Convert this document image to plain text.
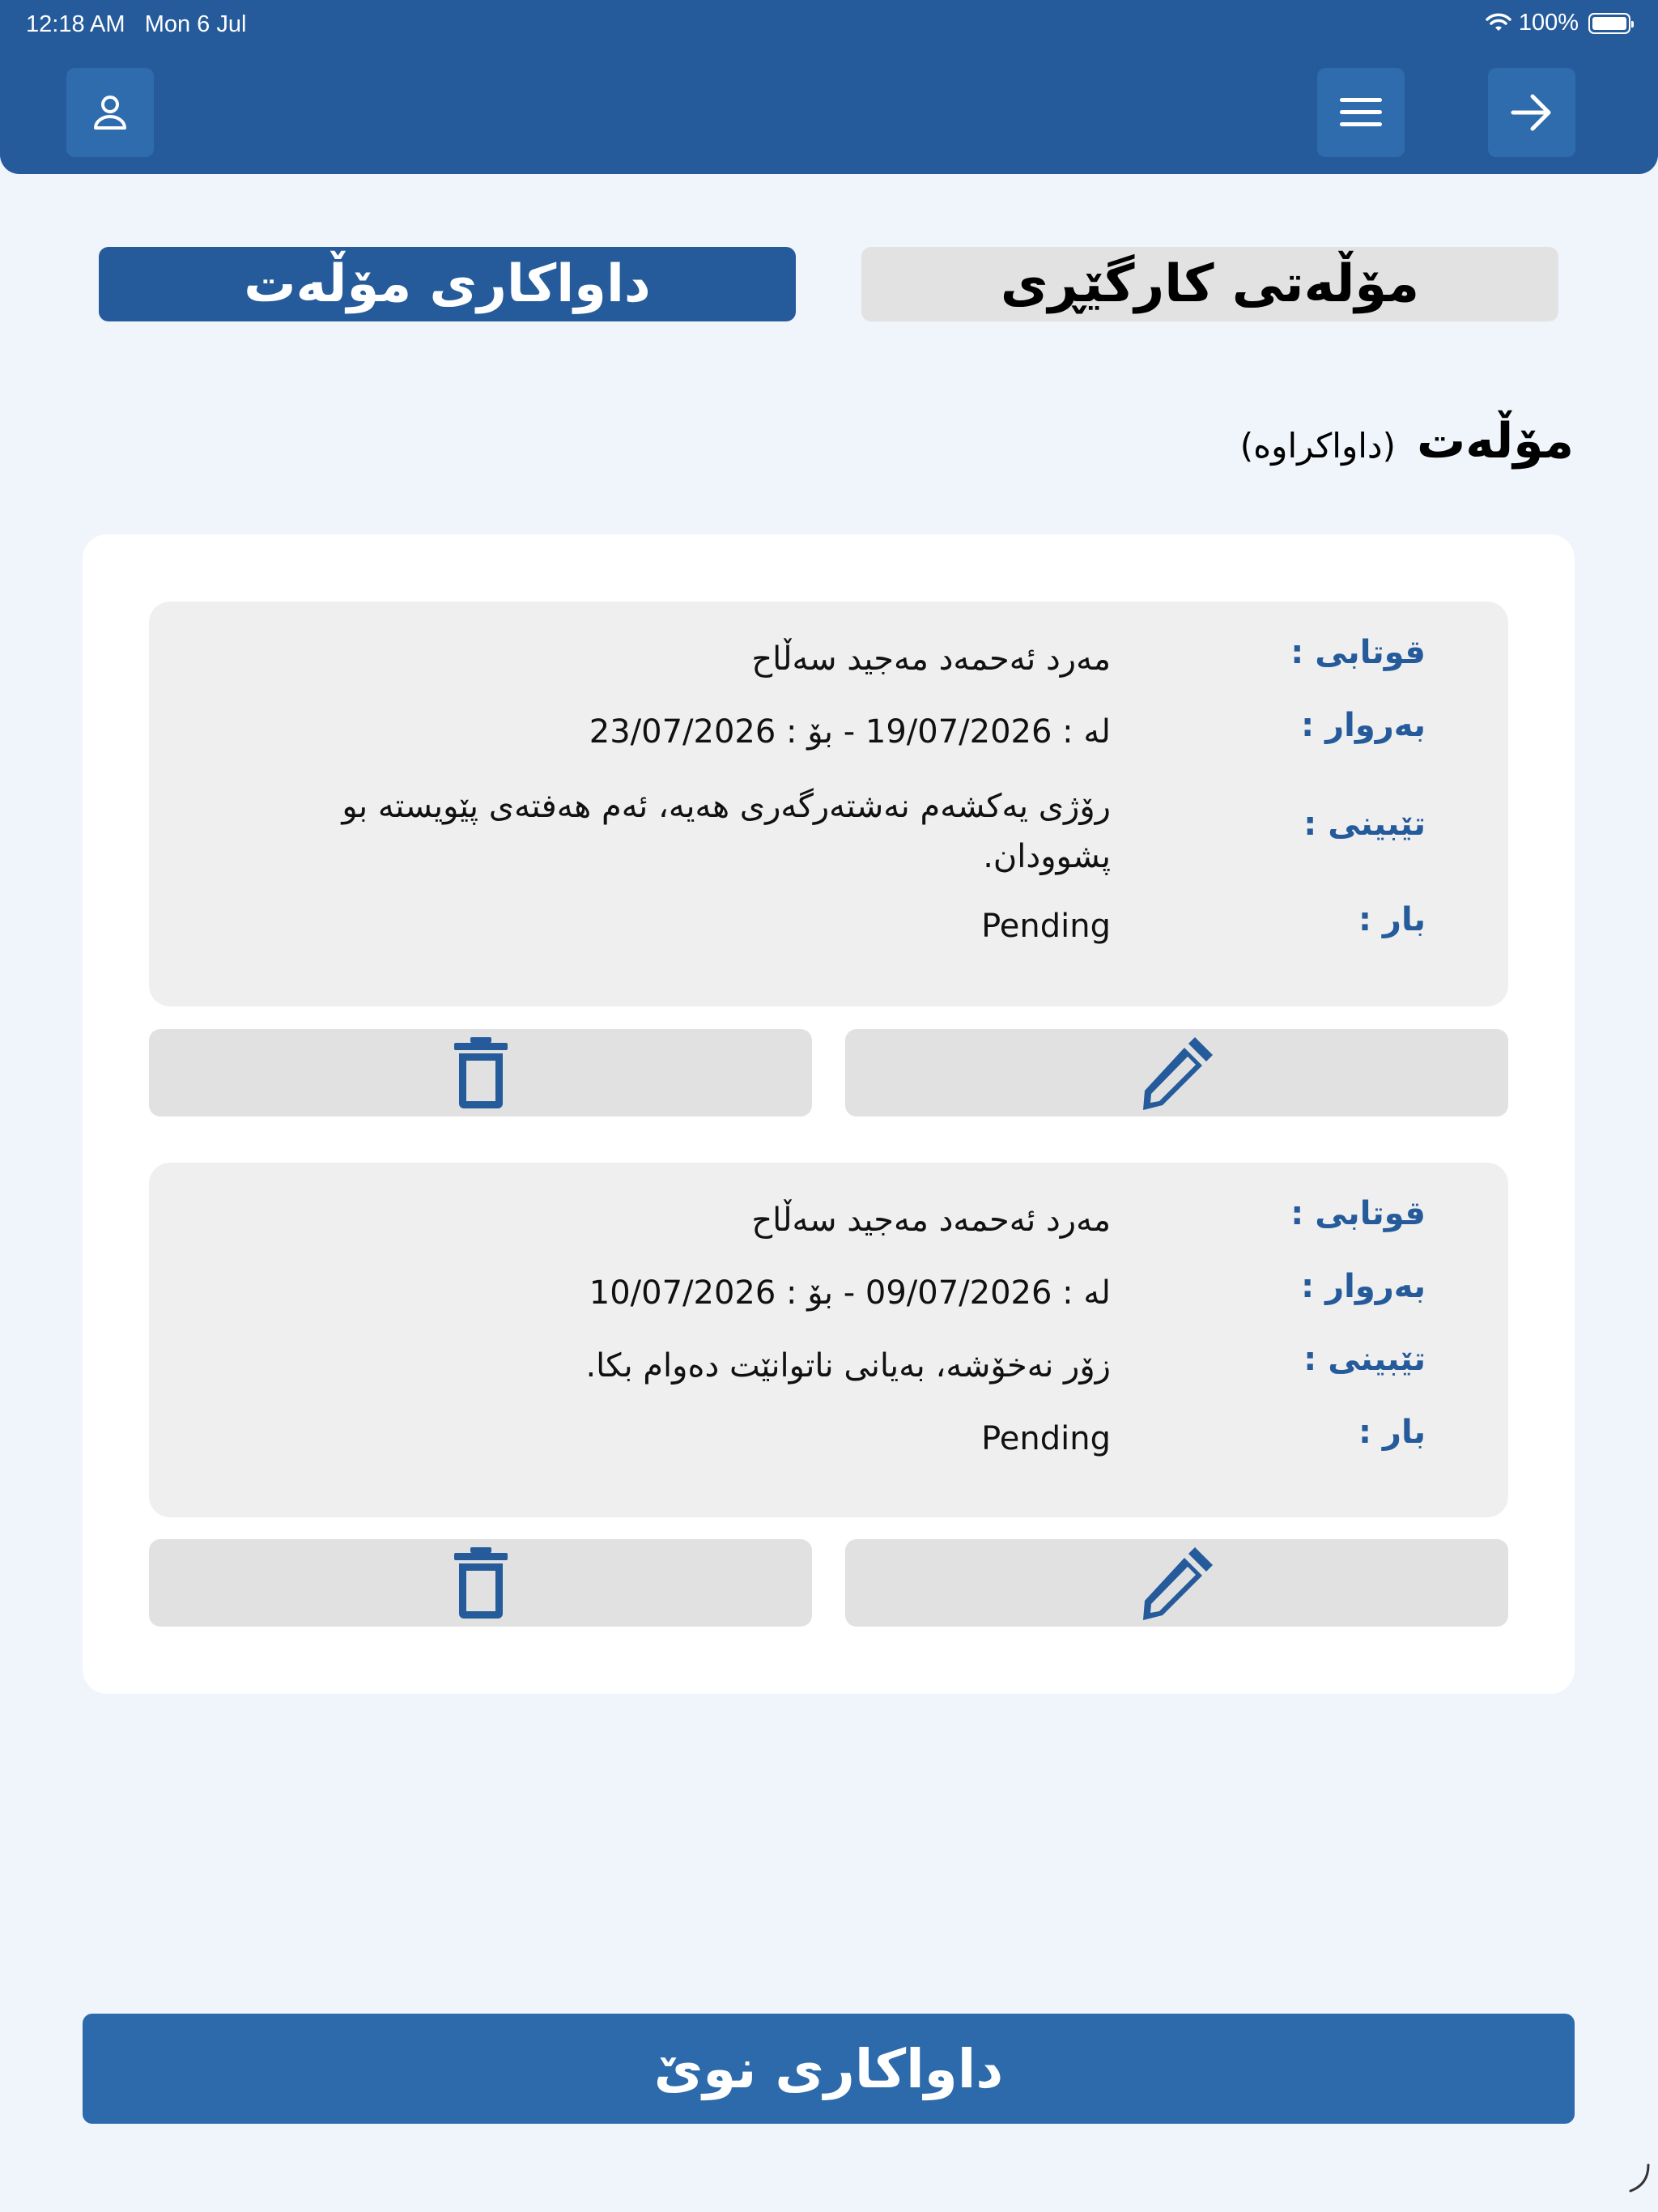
12:18 AM Mon 6 Jul	100%
داواکاری مۆڵەت	مۆڵەتی کارگێڕی
مۆڵەت
(داواکراوە)
قوتابی :
مەرد ئەحمەد مەجید سەڵاح
بەروار :
لە : 19/07/2026 - بۆ : 23/07/2026
تێبینی :
رۆژی یەکشەم نەشتەرگەری هەیە، ئەم هەفتەی پێویستە بو پشوودان.
بار :
Pending
قوتابی :
مەرد ئەحمەد مەجید سەڵاح
بەروار :
لە : 09/07/2026 - بۆ : 10/07/2026
تێبینی :
زۆر نەخۆشە، بەیانی ناتوانێت دەوام بکا.
بار :
Pending
داواکاری نوێ
